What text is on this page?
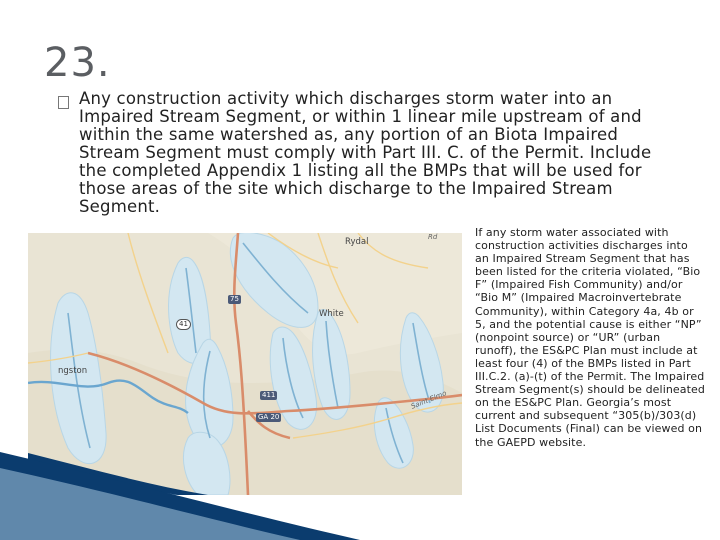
23.
Any construction activity which discharges storm water into an Impaired Stream Segment, or within 1 linear mile upstream of and within the same watershed as, any portion of an Biota Impaired Stream Segment must comply with Part III. C. of the Permit. Include the completed Appendix 1 listing all the BMPs that will be used for those areas of the site which discharge to the Impaired Stream Segment.
Rydal
White
ngston
Saint Elmo
Rd
75
41
411
GA 20
If any storm water associated with construction activities discharges into an Impaired Stream Segment that has been listed for the criteria violated, “Bio F” (Impaired Fish Community) and/or “Bio M” (Impaired Macroinvertebrate Community), within Category 4a, 4b or 5, and the potential cause is either “NP” (nonpoint source) or “UR” (urban runoff), the ES&PC Plan must include at least four (4) of the BMPs listed in Part III.C.2. (a)-(t) of the Permit. The Impaired Stream Segment(s) should be delineated on the ES&PC Plan. Georgia’s most current and subsequent “305(b)/303(d) List Documents (Final) can be viewed on the GAEPD website.
